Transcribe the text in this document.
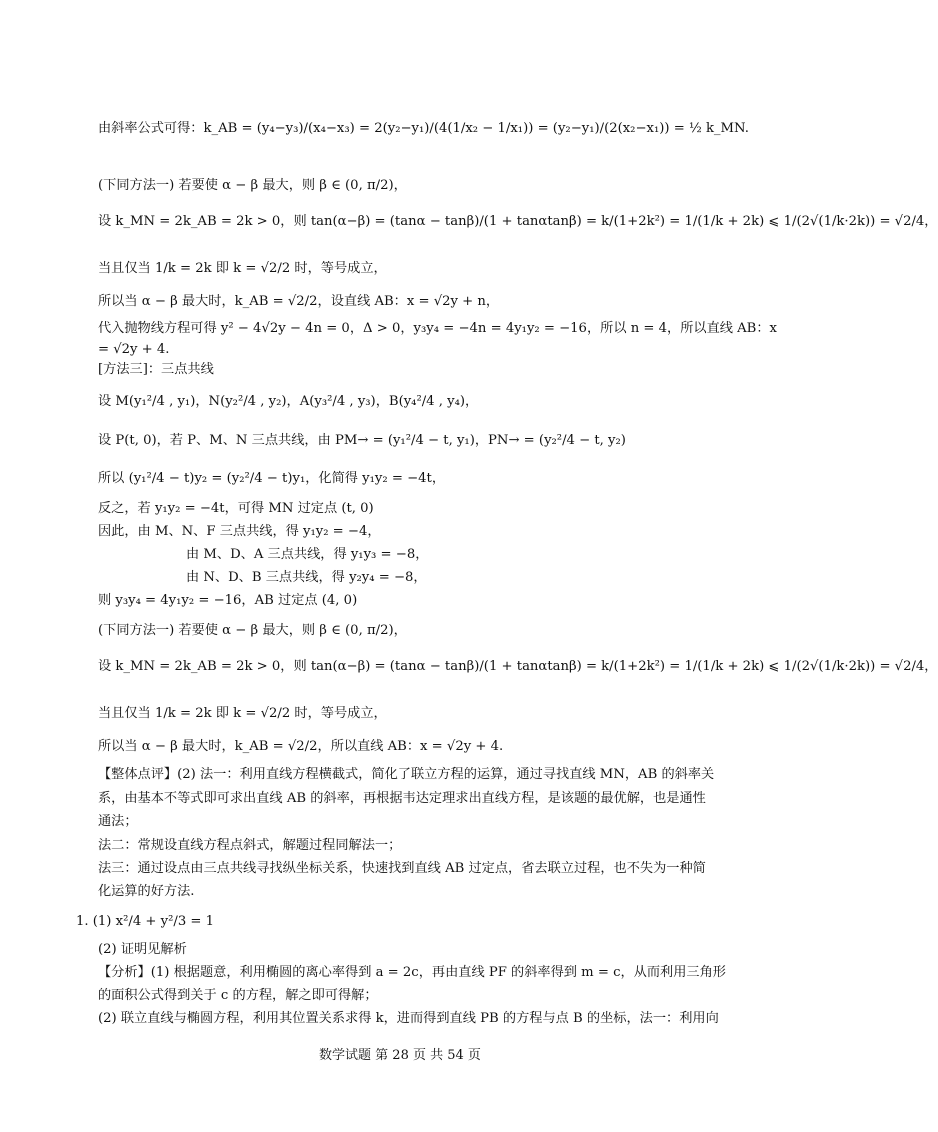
由斜率公式可得：k_AB = (y₄−y₃)/(x₄−x₃) = 2(y₂−y₁)/(4(1/x₂ − 1/x₁)) = (y₂−y₁)/(2(x₂−x₁)) = ½ k_MN.
(下同方法一) 若要使 α − β 最大，则 β ∈ (0, π/2)，
设 k_MN = 2k_AB = 2k > 0，则 tan(α−β) = (tanα − tanβ)/(1 + tanαtanβ) = k/(1+2k²) = 1/(1/k + 2k) ⩽ 1/(2√(1/k·2k)) = √2/4，
当且仅当 1/k = 2k 即 k = √2/2 时，等号成立，
所以当 α − β 最大时，k_AB = √2/2，设直线 AB：x = √2y + n，
代入抛物线方程可得 y² − 4√2y − 4n = 0，Δ > 0，y₃y₄ = −4n = 4y₁y₂ = −16，所以 n = 4，所以直线 AB：x
= √2y + 4.
[方法三]：三点共线
设 M(y₁²/4 , y₁)，N(y₂²/4 , y₂)，A(y₃²/4 , y₃)，B(y₄²/4 , y₄)，
设 P(t, 0)，若 P、M、N 三点共线，由 PM→ = (y₁²/4 − t, y₁)，PN→ = (y₂²/4 − t, y₂)
所以 (y₁²/4 − t)y₂ = (y₂²/4 − t)y₁，化简得 y₁y₂ = −4t，
反之，若 y₁y₂ = −4t，可得 MN 过定点 (t, 0)
因此，由 M、N、F 三点共线，得 y₁y₂ = −4，
由 M、D、A 三点共线，得 y₁y₃ = −8，
由 N、D、B 三点共线，得 y₂y₄ = −8，
则 y₃y₄ = 4y₁y₂ = −16，AB 过定点 (4, 0)
(下同方法一) 若要使 α − β 最大，则 β ∈ (0, π/2)，
设 k_MN = 2k_AB = 2k > 0，则 tan(α−β) = (tanα − tanβ)/(1 + tanαtanβ) = k/(1+2k²) = 1/(1/k + 2k) ⩽ 1/(2√(1/k·2k)) = √2/4，
当且仅当 1/k = 2k 即 k = √2/2 时，等号成立，
所以当 α − β 最大时，k_AB = √2/2，所以直线 AB：x = √2y + 4.
【整体点评】(2) 法一：利用直线方程横截式，简化了联立方程的运算，通过寻找直线 MN，AB 的斜率关
系，由基本不等式即可求出直线 AB 的斜率，再根据韦达定理求出直线方程，是该题的最优解，也是通性
通法；
法二：常规设直线方程点斜式，解题过程同解法一；
法三：通过设点由三点共线寻找纵坐标关系，快速找到直线 AB 过定点，省去联立过程，也不失为一种简
化运算的好方法.
1. (1) x²/4 + y²/3 = 1
(2) 证明见解析
【分析】(1) 根据题意，利用椭圆的离心率得到 a = 2c，再由直线 PF 的斜率得到 m = c，从而利用三角形
的面积公式得到关于 c 的方程，解之即可得解；
(2) 联立直线与椭圆方程，利用其位置关系求得 k，进而得到直线 PB 的方程与点 B 的坐标，法一：利用向
数学试题 第 28 页 共 54 页
